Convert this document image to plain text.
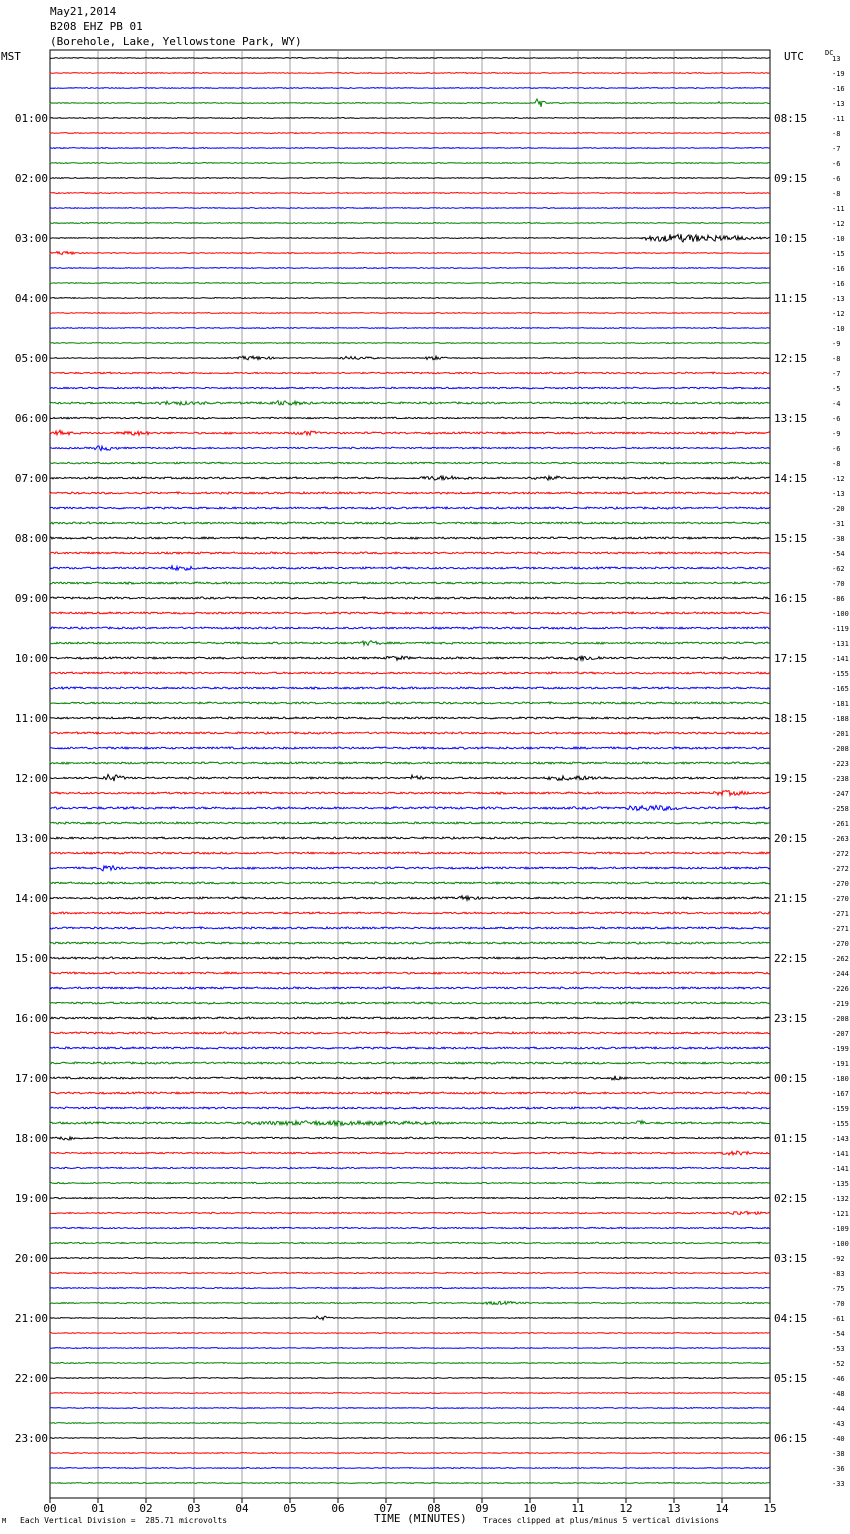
May21,2014
B208 EHZ PB 01
(Borehole, Lake, Yellowstone Park, WY)
MST	UTC	DC
00	01	02	03	04	05	06	07	08	09	10	11	12	13	14	15
13
-19
-16
-13
-11
01:00	08:15
-8
-7
-6
-6
02:00	09:15
-8
-11
-12
-10
03:00	10:15
-15
-16
-16
-13
04:00	11:15
-12
-10
-9
-8
05:00	12:15
-7
-5
-4
-6
06:00	13:15
-9
-6
-8
-12
07:00	14:15
-13
-20
-31
-38
08:00	15:15
-54
-62
-70
-86
09:00	16:15
-100
-119
-131
-141
10:00	17:15
-155
-165
-181
-188
11:00	18:15
-201
-208
-223
-238
12:00	19:15
-247
-258
-261
-263
13:00	20:15
-272
-272
-270
-270
14:00	21:15
-271
-271
-270
-262
15:00	22:15
-244
-226
-219
-208
16:00	23:15
-207
-199
-191
-180
17:00	00:15
-167
-159
-155
-143
18:00	01:15
-141
-141
-135
-132
19:00	02:15
-121
-109
-100
-92
20:00	03:15
-83
-75
-70
-61
21:00	04:15
-54
-53
-52
-46
22:00	05:15
-48
-44
-43
-40
23:00	06:15
-38
-36
-33
M Each Vertical Division =  285.71 microvolts	TIME (MINUTES) Traces clipped at plus/minus 5 vertical divisions
